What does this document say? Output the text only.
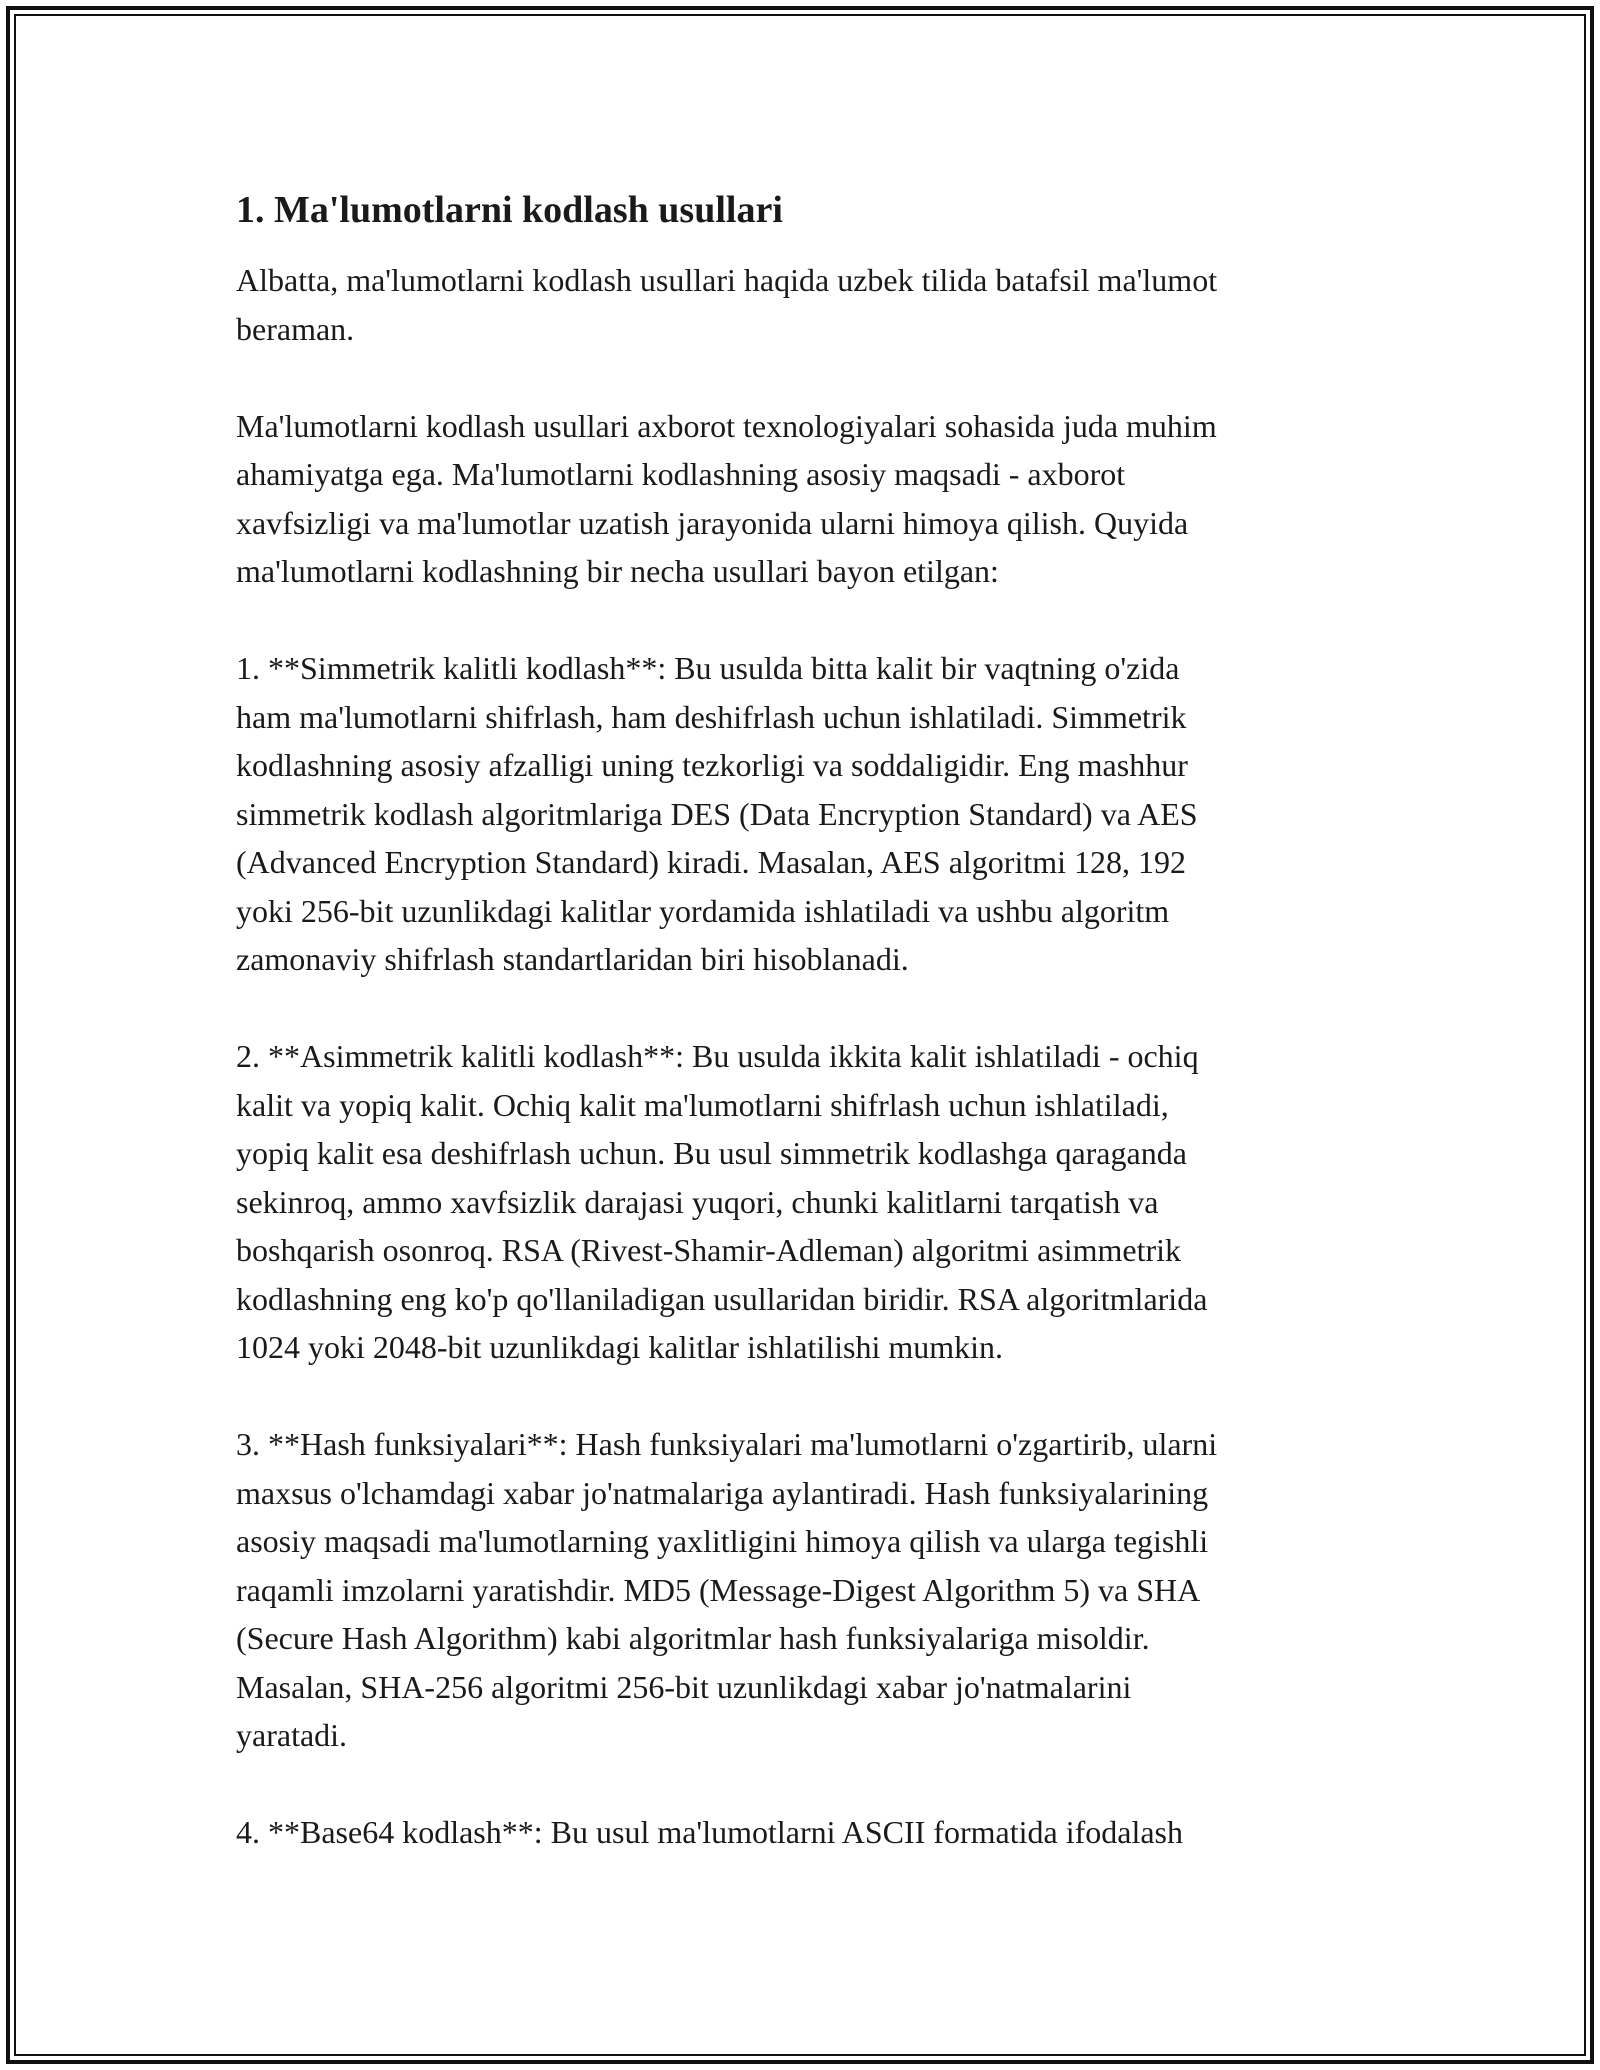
1. Ma'lumotlarni kodlash usullari

Albatta, ma'lumotlarni kodlash usullari haqida uzbek tilida batafsil ma'lumot
beraman.

Ma'lumotlarni kodlash usullari axborot texnologiyalari sohasida juda muhim
ahamiyatga ega. Ma'lumotlarni kodlashning asosiy maqsadi - axborot
xavfsizligi va ma'lumotlar uzatish jarayonida ularni himoya qilish. Quyida
ma'lumotlarni kodlashning bir necha usullari bayon etilgan:

1. **Simmetrik kalitli kodlash**: Bu usulda bitta kalit bir vaqtning o'zida
ham ma'lumotlarni shifrlash, ham deshifrlash uchun ishlatiladi. Simmetrik
kodlashning asosiy afzalligi uning tezkorligi va soddaligidir. Eng mashhur
simmetrik kodlash algoritmlariga DES (Data Encryption Standard) va AES
(Advanced Encryption Standard) kiradi. Masalan, AES algoritmi 128, 192
yoki 256-bit uzunlikdagi kalitlar yordamida ishlatiladi va ushbu algoritm
zamonaviy shifrlash standartlaridan biri hisoblanadi.

2. **Asimmetrik kalitli kodlash**: Bu usulda ikkita kalit ishlatiladi - ochiq
kalit va yopiq kalit. Ochiq kalit ma'lumotlarni shifrlash uchun ishlatiladi,
yopiq kalit esa deshifrlash uchun. Bu usul simmetrik kodlashga qaraganda
sekinroq, ammo xavfsizlik darajasi yuqori, chunki kalitlarni tarqatish va
boshqarish osonroq. RSA (Rivest-Shamir-Adleman) algoritmi asimmetrik
kodlashning eng ko'p qo'llaniladigan usullaridan biridir. RSA algoritmlarida
1024 yoki 2048-bit uzunlikdagi kalitlar ishlatilishi mumkin.

3. **Hash funksiyalari**: Hash funksiyalari ma'lumotlarni o'zgartirib, ularni
maxsus o'lchamdagi xabar jo'natmalariga aylantiradi. Hash funksiyalarining
asosiy maqsadi ma'lumotlarning yaxlitligini himoya qilish va ularga tegishli
raqamli imzolarni yaratishdir. MD5 (Message-Digest Algorithm 5) va SHA
(Secure Hash Algorithm) kabi algoritmlar hash funksiyalariga misoldir.
Masalan, SHA-256 algoritmi 256-bit uzunlikdagi xabar jo'natmalarini
yaratadi.

4. **Base64 kodlash**: Bu usul ma'lumotlarni ASCII formatida ifodalash
